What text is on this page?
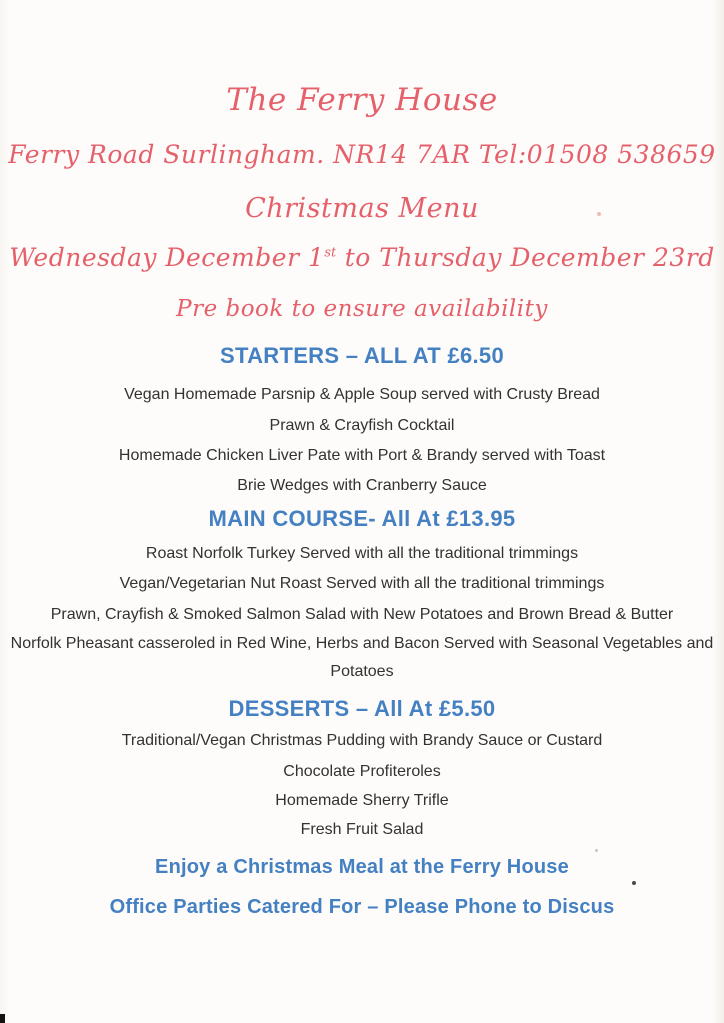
The Ferry House
Ferry Road Surlingham. NR14 7AR Tel:01508 538659
Christmas Menu
Wednesday December 1st to Thursday December 23rd
Pre book to ensure availability
STARTERS – ALL AT £6.50
Vegan Homemade Parsnip & Apple Soup served with Crusty Bread
Prawn & Crayfish Cocktail
Homemade Chicken Liver Pate with Port & Brandy served with Toast
Brie Wedges with Cranberry Sauce
MAIN COURSE- All At £13.95
Roast Norfolk Turkey Served with all the traditional trimmings
Vegan/Vegetarian Nut Roast Served with all the traditional trimmings
Prawn, Crayfish & Smoked Salmon Salad with New Potatoes and Brown Bread & Butter
Norfolk Pheasant casseroled in Red Wine, Herbs and Bacon Served with Seasonal Vegetables and
Potatoes
DESSERTS – All At £5.50
Traditional/Vegan Christmas Pudding with Brandy Sauce or Custard
Chocolate Profiteroles
Homemade Sherry Trifle
Fresh Fruit Salad
Enjoy a Christmas Meal at the Ferry House
Office Parties Catered For – Please Phone to Discus
